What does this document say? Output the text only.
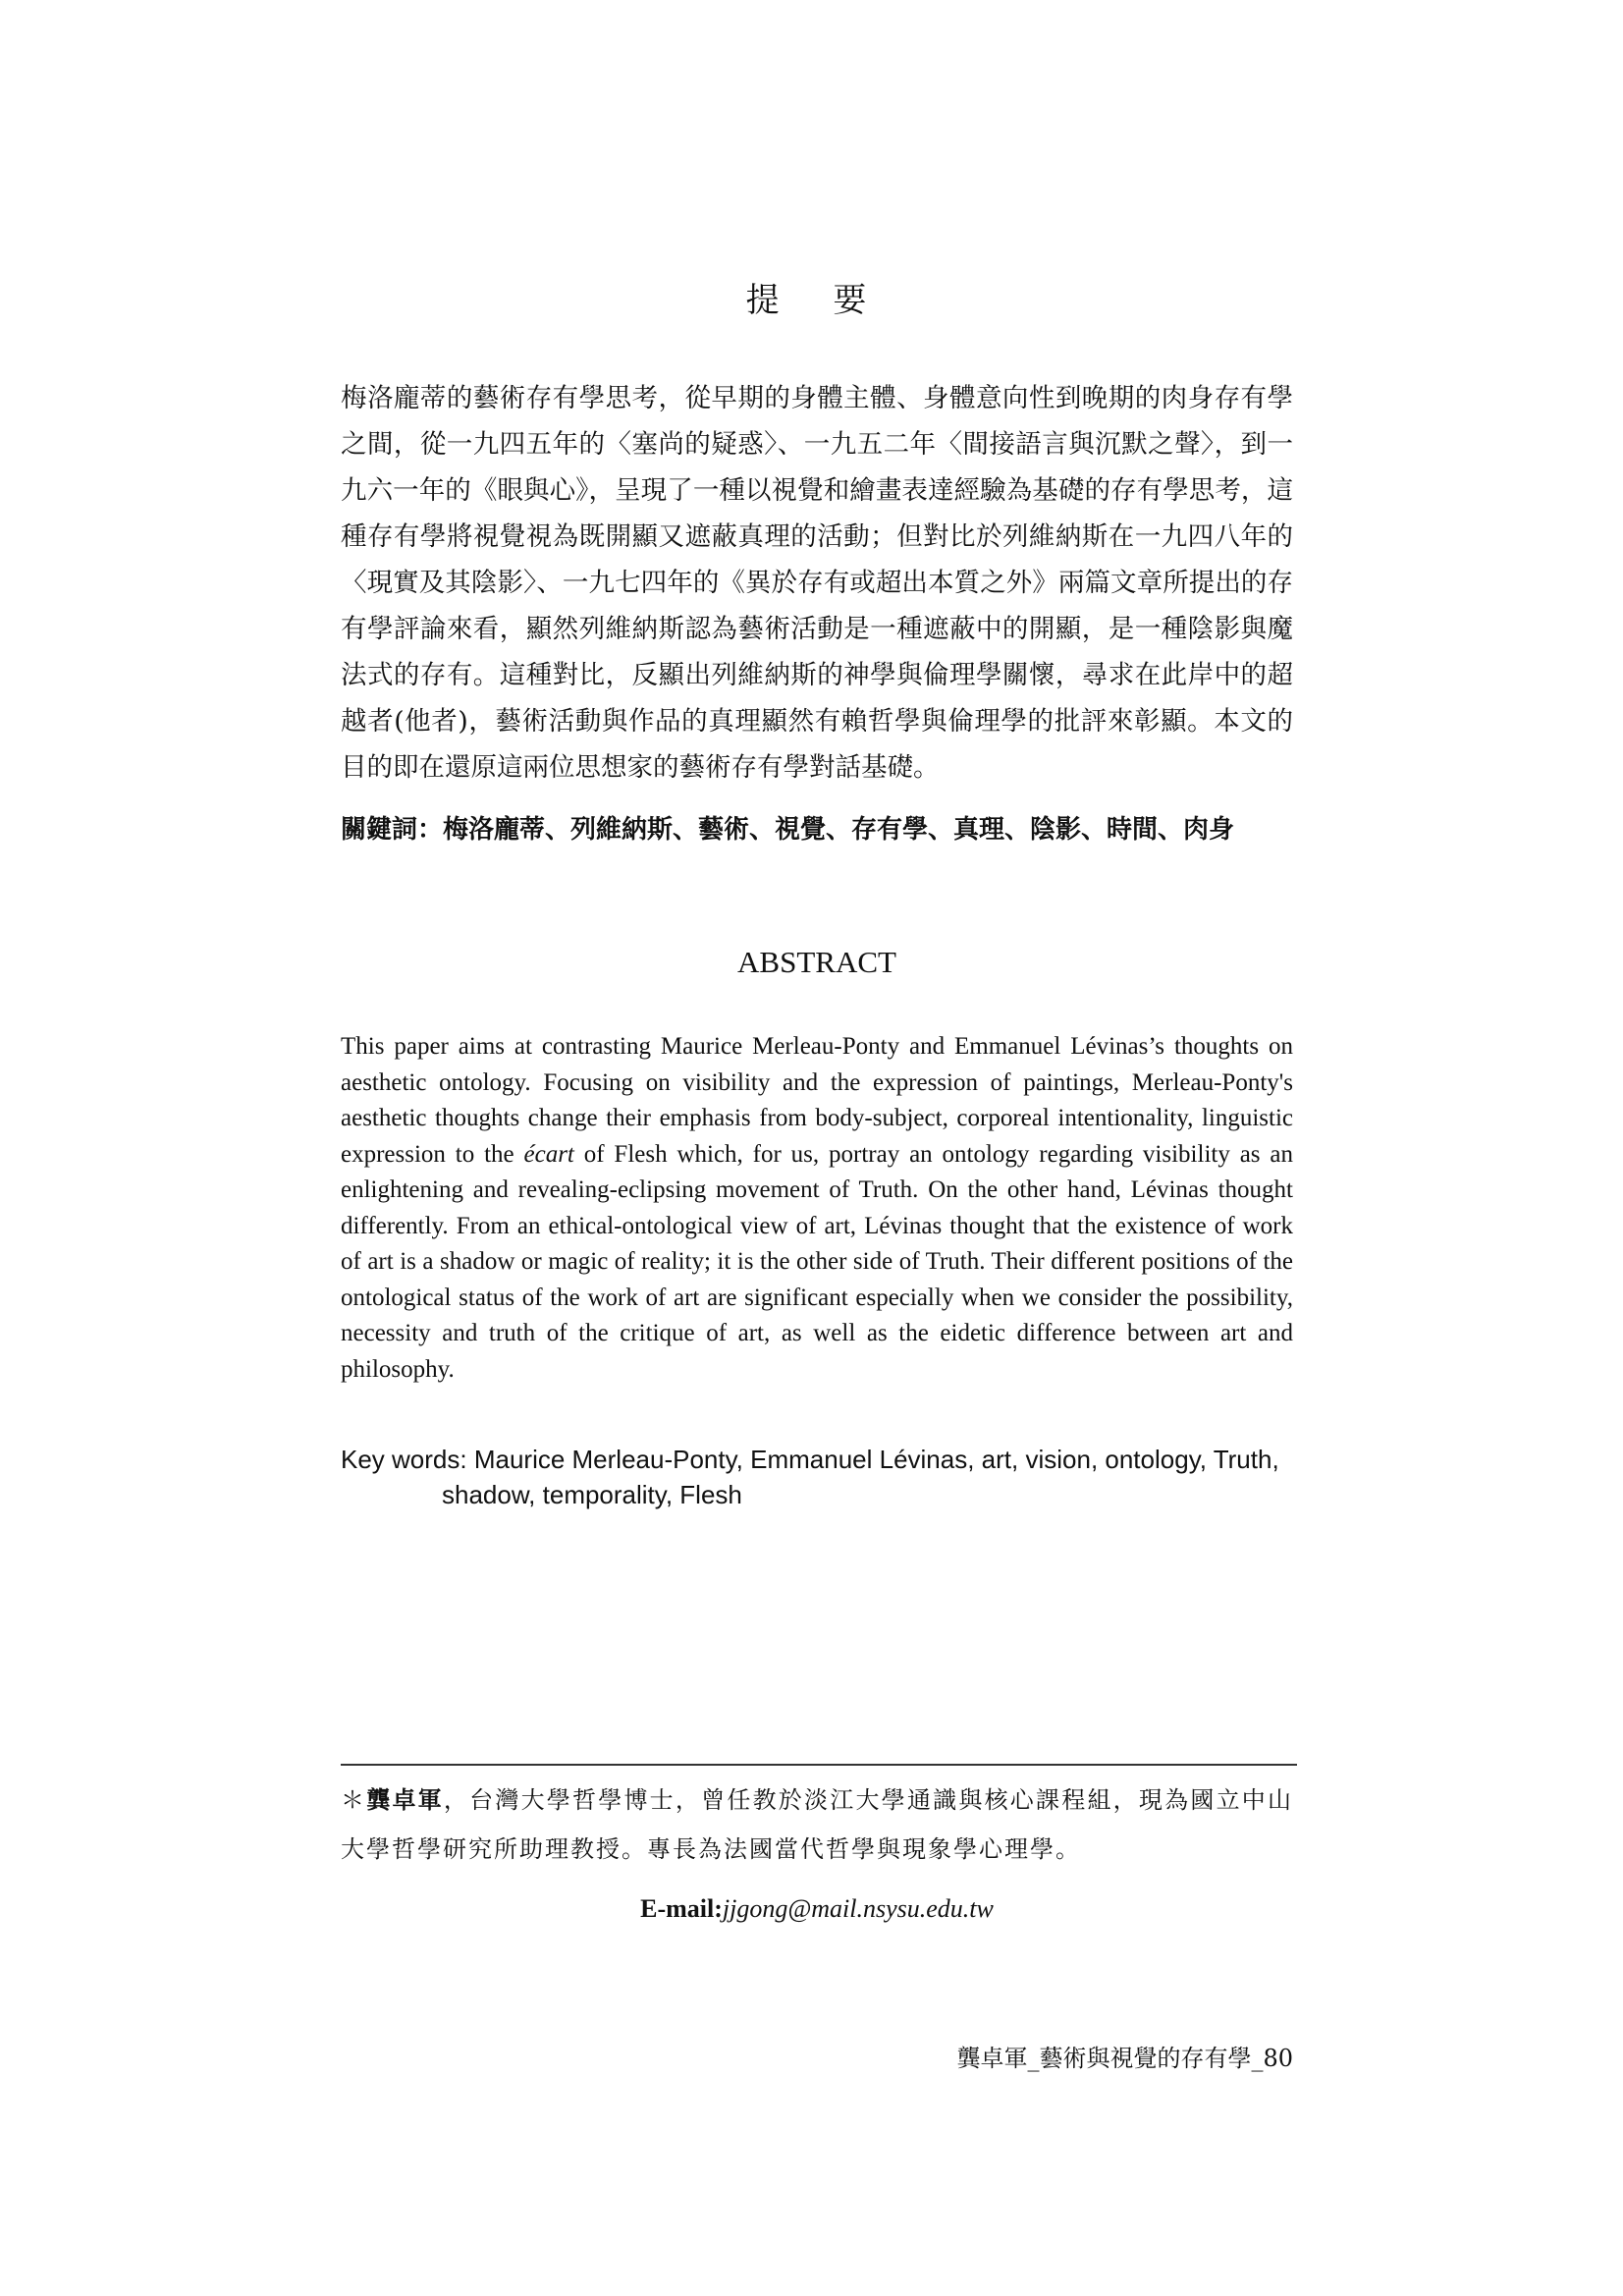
提 要

梅洛龐蒂的藝術存有學思考，從早期的身體主體、身體意向性到晚期的肉身存有學之間，從一九四五年的〈塞尚的疑惑〉、一九五二年〈間接語言與沉默之聲〉，到一九六一年的《眼與心》，呈現了一種以視覺和繪畫表達經驗為基礎的存有學思考，這種存有學將視覺視為既開顯又遮蔽真理的活動；但對比於列維納斯在一九四八年的〈現實及其陰影〉、一九七四年的《異於存有或超出本質之外》兩篇文章所提出的存有學評論來看，顯然列維納斯認為藝術活動是一種遮蔽中的開顯，是一種陰影與魔法式的存有。這種對比，反顯出列維納斯的神學與倫理學關懷，尋求在此岸中的超越者(他者)，藝術活動與作品的真理顯然有賴哲學與倫理學的批評來彰顯。本文的目的即在還原這兩位思想家的藝術存有學對話基礎。

關鍵詞：梅洛龐蒂、列維納斯、藝術、視覺、存有學、真理、陰影、時間、肉身
ABSTRACT

This paper aims at contrasting Maurice Merleau-Ponty and Emmanuel Lévinas’s thoughts on aesthetic ontology. Focusing on visibility and the expression of paintings, Merleau-Ponty's aesthetic thoughts change their emphasis from body-subject, corporeal intentionality, linguistic expression to the écart of Flesh which, for us, portray an ontology regarding visibility as an enlightening and revealing-eclipsing movement of Truth. On the other hand, Lévinas thought differently. From an ethical-ontological view of art, Lévinas thought that the existence of work of art is a shadow or magic of reality; it is the other side of Truth. Their different positions of the ontological status of the work of art are significant especially when we consider the possibility, necessity and truth of the critique of art, as well as the eidetic difference between art and philosophy.

Key words: Maurice Merleau-Ponty, Emmanuel Lévinas, art, vision, ontology, Truth, shadow, temporality, Flesh

＊龔卓軍，台灣大學哲學博士，曾任教於淡江大學通識與核心課程組，現為國立中山大學哲學研究所助理教授。專長為法國當代哲學與現象學心理學。

E-mail:jjgong@mail.nsysu.edu.tw
龔卓軍_藝術與視覺的存有學_80
